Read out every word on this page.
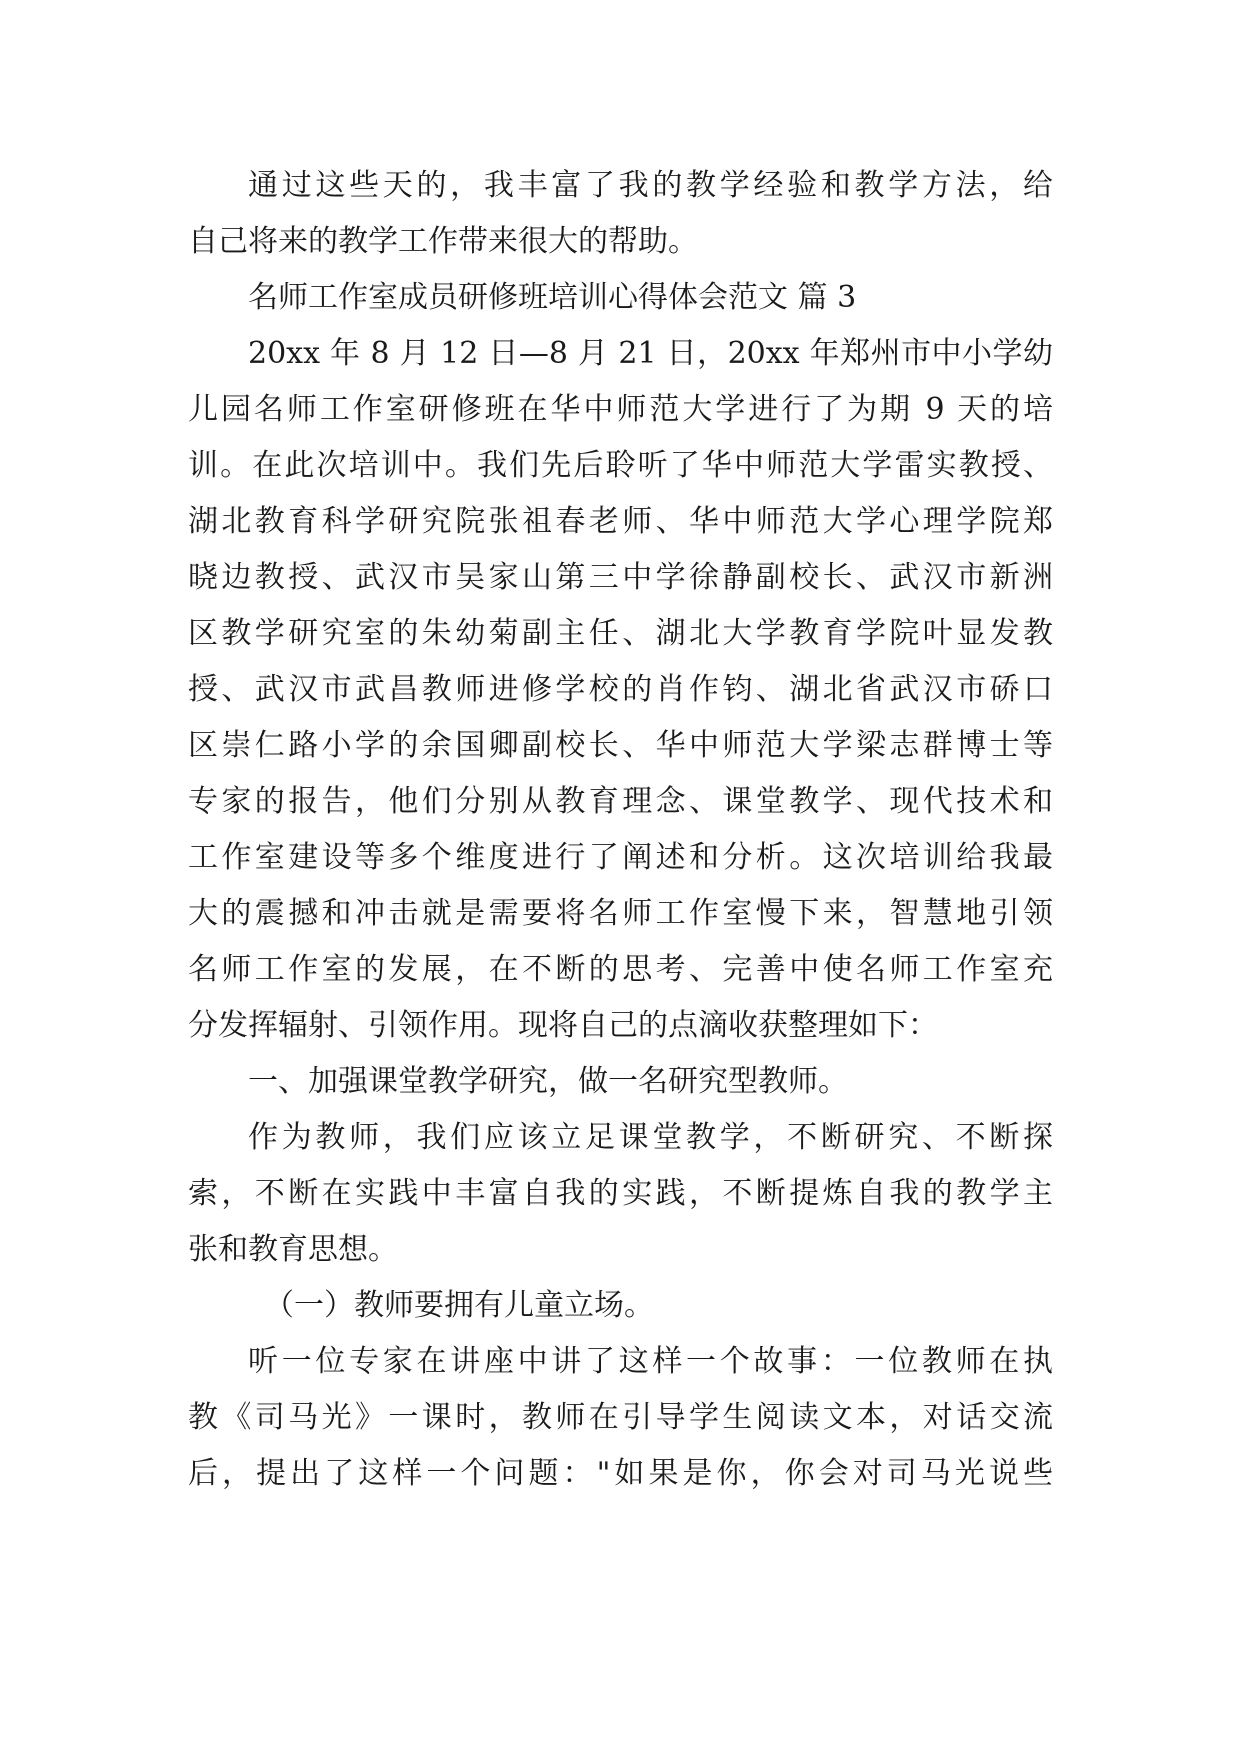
通过这些天的，我丰富了我的教学经验和教学方法，给
自己将来的教学工作带来很大的帮助。
名师工作室成员研修班培训心得体会范文 篇 3
20xx 年 8 月 12 日—8 月 21 日，20xx 年郑州市中小学幼
儿园名师工作室研修班在华中师范大学进行了为期 9 天的培
训。在此次培训中。我们先后聆听了华中师范大学雷实教授、
湖北教育科学研究院张祖春老师、华中师范大学心理学院郑
晓边教授、武汉市吴家山第三中学徐静副校长、武汉市新洲
区教学研究室的朱幼菊副主任、湖北大学教育学院叶显发教
授、武汉市武昌教师进修学校的肖作钧、湖北省武汉市硚口
区崇仁路小学的余国卿副校长、华中师范大学梁志群博士等
专家的报告，他们分别从教育理念、课堂教学、现代技术和
工作室建设等多个维度进行了阐述和分析。这次培训给我最
大的震撼和冲击就是需要将名师工作室慢下来，智慧地引领
名师工作室的发展，在不断的思考、完善中使名师工作室充
分发挥辐射、引领作用。现将自己的点滴收获整理如下：
一、加强课堂教学研究，做一名研究型教师。
作为教师，我们应该立足课堂教学，不断研究、不断探
索，不断在实践中丰富自我的实践，不断提炼自我的教学主
张和教育思想。
（一）教师要拥有儿童立场。
听一位专家在讲座中讲了这样一个故事：一位教师在执
教《司马光》一课时，教师在引导学生阅读文本，对话交流
后，提出了这样一个问题："如果是你，你会对司马光说些
